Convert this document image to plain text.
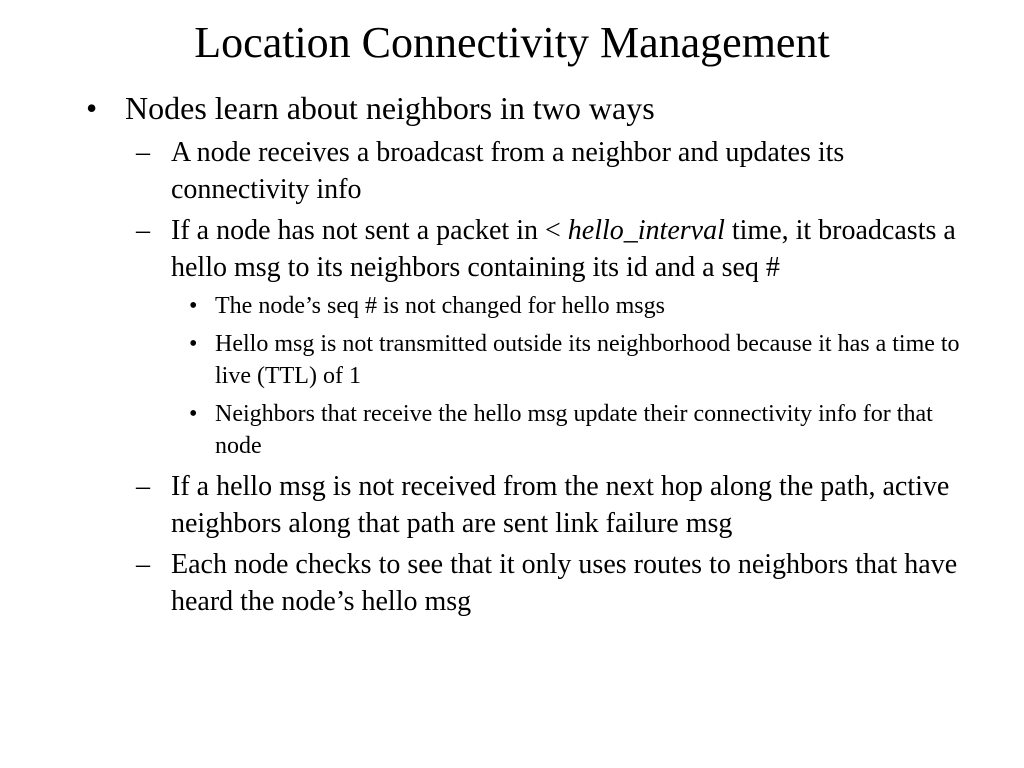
Location Connectivity Management

• Nodes learn about neighbors in two ways

– A node receives a broadcast from a neighbor and updates its connectivity info

– If a node has not sent a packet in < hello_interval time, it broadcasts a hello msg to its neighbors containing its id and a seq #

• The node’s seq # is not changed for hello msgs

• Hello msg is not transmitted outside its neighborhood because it has a time to live (TTL) of 1

• Neighbors that receive the hello msg update their connectivity info for that node

– If a hello msg is not received from the next hop along the path, active neighbors along that path are sent link failure msg

– Each node checks to see that it only uses routes to neighbors that have heard the node’s hello msg
